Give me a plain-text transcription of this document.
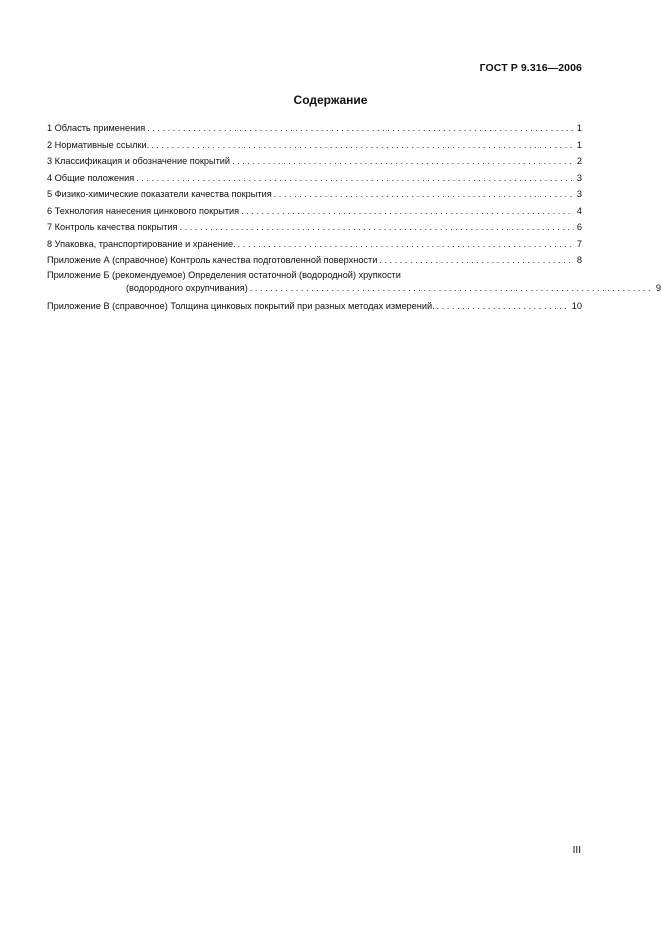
ГОСТ Р 9.316—2006
Содержание
1 Область применения . . .	1
2 Нормативные ссылки. . . .	1
3 Классификация и обозначение покрытий . . .	2
4 Общие положения . . .	3
5 Физико-химические показатели качества покрытия . . .	3
6 Технология нанесения цинкового покрытия . . .	4
7 Контроль качества покрытия . . .	6
8 Упаковка, транспортирование и хранение. . . .	7
Приложение А (справочное) Контроль качества подготовленной поверхности . . .	8
Приложение Б (рекомендуемое) Определения остаточной (водородной) хрупкости
(водородного охрупчивания) . . .	9
Приложение В (справочное) Толщина цинковых покрытий при разных методах измерений. . . .	10
III
